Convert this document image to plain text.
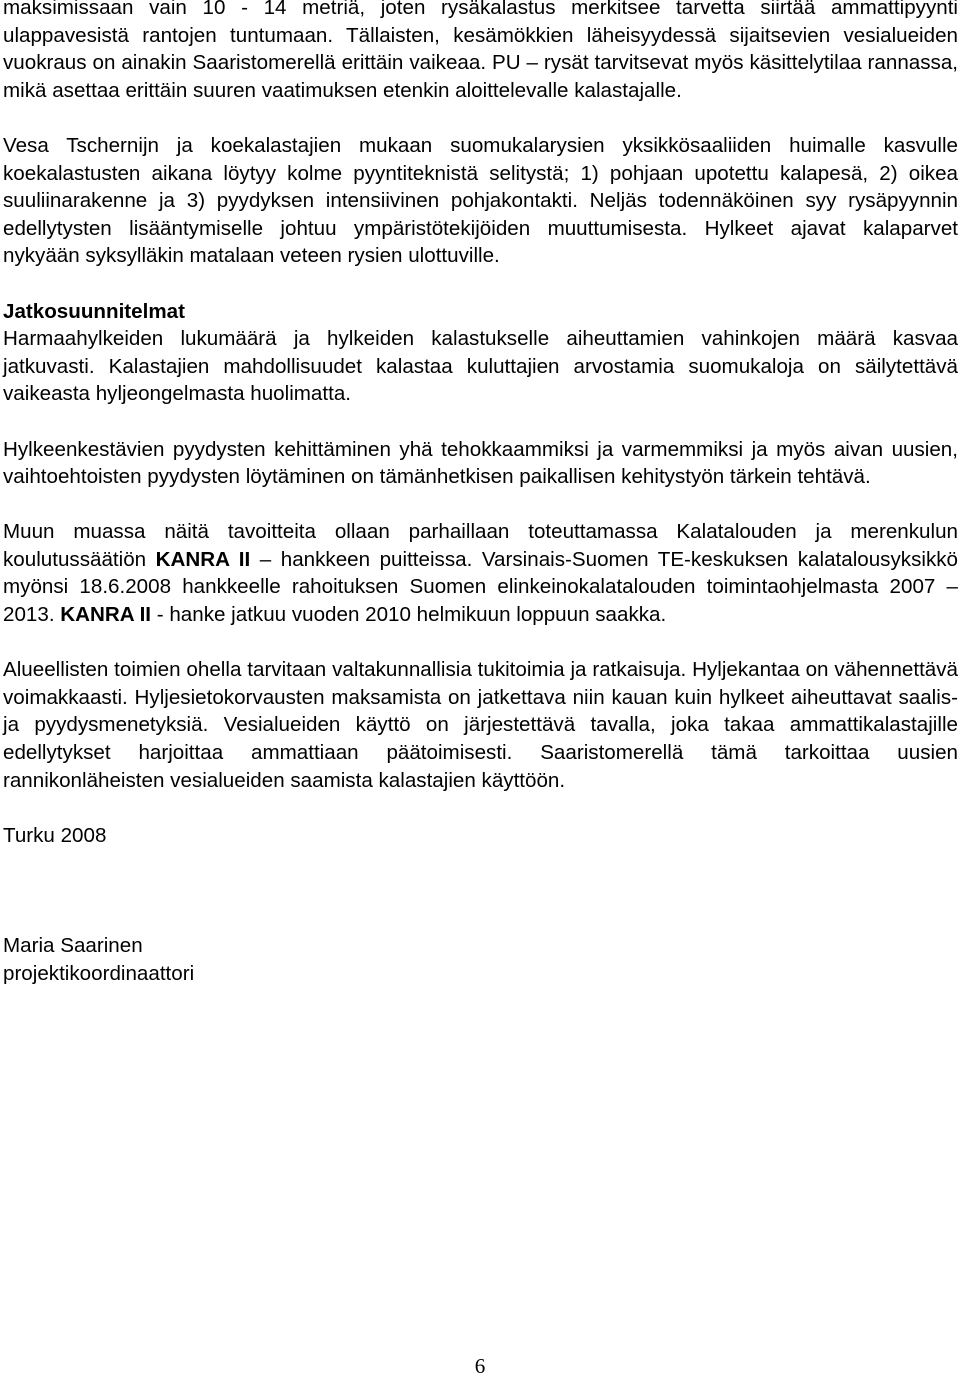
maksimissaan vain 10 - 14 metriä, joten rysäkalastus merkitsee tarvetta siirtää ammattipyynti ulappavesistä rantojen tuntumaan. Tällaisten, kesämökkien läheisyydessä sijaitsevien vesialueiden vuokraus on ainakin Saaristomerellä erittäin vaikeaa. PU – rysät tarvitsevat myös käsittelytilaa rannassa, mikä asettaa erittäin suuren vaatimuksen etenkin aloittelevalle kalastajalle.

Vesa Tschernijn ja koekalastajien mukaan suomukalarysien yksikkösaaliiden huimalle kasvulle koekalastusten aikana löytyy kolme pyyntiteknistä selitystä; 1) pohjaan upotettu kalapesä, 2) oikea suuliinarakenne ja 3) pyydyksen intensiivinen pohjakontakti. Neljäs todennäköinen syy rysäpyynnin edellytysten lisääntymiselle johtuu ympäristötekijöiden muuttumisesta. Hylkeet ajavat kalaparvet nykyään syksylläkin matalaan veteen rysien ulottuville.

Jatkosuunnitelmat

Harmaahylkeiden lukumäärä ja hylkeiden kalastukselle aiheuttamien vahinkojen määrä kasvaa jatkuvasti. Kalastajien mahdollisuudet kalastaa kuluttajien arvostamia suomukaloja on säilytettävä vaikeasta hyljeongelmasta huolimatta.

Hylkeenkestävien pyydysten kehittäminen yhä tehokkaammiksi ja varmemmiksi ja myös aivan uusien, vaihtoehtoisten pyydysten löytäminen on tämänhetkisen paikallisen kehitystyön tärkein tehtävä.

Muun muassa näitä tavoitteita ollaan parhaillaan toteuttamassa Kalatalouden ja merenkulun koulutussäätiön KANRA II – hankkeen puitteissa. Varsinais-Suomen TE-keskuksen kalatalousyksikkö myönsi 18.6.2008 hankkeelle rahoituksen Suomen elinkeinokalatalouden toimintaohjelmasta 2007 – 2013. KANRA II - hanke jatkuu vuoden 2010 helmikuun loppuun saakka.

Alueellisten toimien ohella tarvitaan valtakunnallisia tukitoimia ja ratkaisuja. Hyljekantaa on vähennettävä voimakkaasti. Hyljesietokorvausten maksamista on jatkettava niin kauan kuin hylkeet aiheuttavat saalis- ja pyydysmenetyksiä. Vesialueiden käyttö on järjestettävä tavalla, joka takaa ammattikalastajille edellytykset harjoittaa ammattiaan päätoimisesti. Saaristomerellä tämä tarkoittaa uusien rannikonläheisten vesialueiden saamista kalastajien käyttöön.

Turku 2008

Maria Saarinen

projektikoordinaattori

6
